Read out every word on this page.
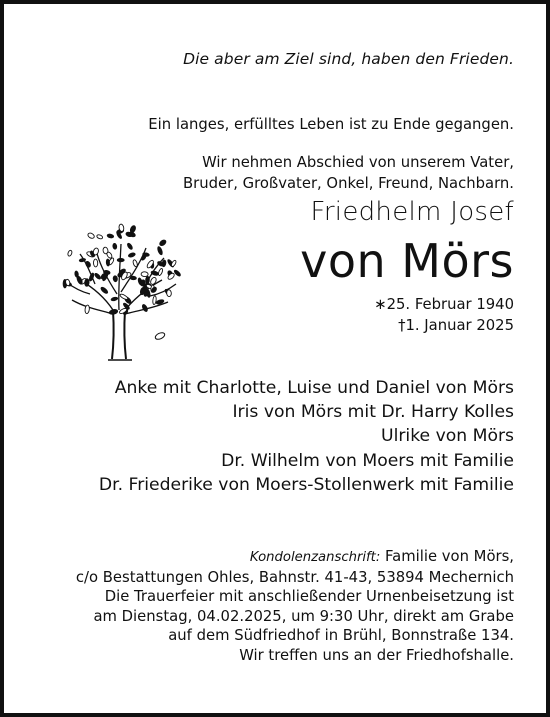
Die aber am Ziel sind, haben den Frieden.
Ein langes, erfülltes Leben ist zu Ende gegangen.
Wir nehmen Abschied von unserem Vater,
Bruder, Großvater, Onkel, Freund, Nachbarn.
Friedhelm Josef
von Mörs
∗25. Februar 1940
†1. Januar 2025
Anke mit Charlotte, Luise und Daniel von Mörs
Iris von Mörs mit Dr. Harry Kolles
Ulrike von Mörs
Dr. Wilhelm von Moers mit Familie
Dr. Friederike von Moers-Stollenwerk mit Familie
Kondolenzanschrift: Familie von Mörs,
c/o Bestattungen Ohles, Bahnstr. 41-43, 53894 Mechernich
Die Trauerfeier mit anschließender Urnenbeisetzung ist
am Dienstag, 04.02.2025, um 9:30 Uhr, direkt am Grabe
auf dem Südfriedhof in Brühl, Bonnstraße 134.
Wir treffen uns an der Friedhofshalle.
